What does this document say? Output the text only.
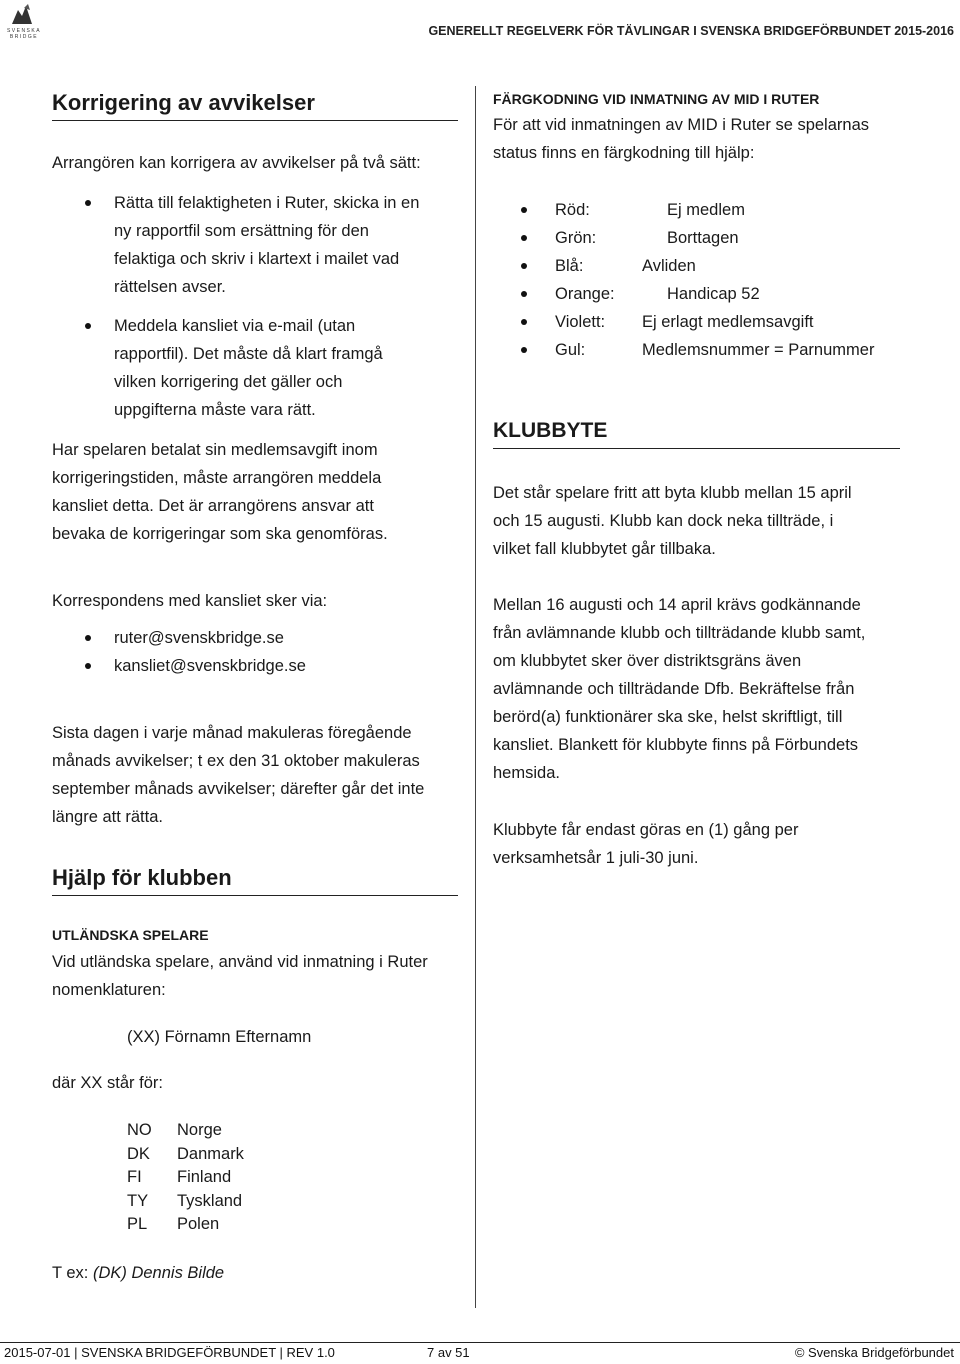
SVENSKA BRIDGE	GENERELLT REGELVERK FÖR TÄVLINGAR I SVENSKA BRIDGEFÖRBUNDET 2015-2016
Korrigering av avvikelser
Arrangören kan korrigera av avvikelser på två sätt:
Rätta till felaktigheten i Ruter, skicka in en
ny rapportfil som ersättning för den
felaktiga och skriv i klartext i mailet vad
rättelsen avser.
Meddela kansliet via e-mail (utan
rapportfil). Det måste då klart framgå
vilken korrigering det gäller och
uppgifterna måste vara rätt.
Har spelaren betalat sin medlemsavgift inom
korrigeringstiden, måste arrangören meddela
kansliet detta. Det är arrangörens ansvar att
bevaka de korrigeringar som ska genomföras.
Korrespondens med kansliet sker via:
ruter@svenskbridge.se
kansliet@svenskbridge.se
Sista dagen i varje månad makuleras föregående
månads avvikelser; t ex den 31 oktober makuleras
september månads avvikelser; därefter går det inte
längre att rätta.
Hjälp för klubben
UTLÄNDSKA SPELARE
Vid utländska spelare, använd vid inmatning i Ruter
nomenklaturen:
(XX) Förnamn Efternamn
där XX står för:
NO Norge
DK Danmark
FI Finland
TY Tyskland
PL Polen
T ex: (DK) Dennis Bilde
FÄRGKODNING VID INMATNING AV MID I RUTER
För att vid inmatningen av MID i Ruter se spelarnas
status finns en färgkodning till hjälp:
Röd:	Ej medlem
Grön:	Borttagen
Blå:	Avliden
Orange:	Handicap 52
Violett: Ej erlagt medlemsavgift
Gul:	Medlemsnummer = Parnummer
KLUBBYTE
Det står spelare fritt att byta klubb mellan 15 april
och 15 augusti. Klubb kan dock neka tillträde, i
vilket fall klubbytet går tillbaka.
Mellan 16 augusti och 14 april krävs godkännande
från avlämnande klubb och tillträdande klubb samt,
om klubbytet sker över distriktsgräns även
avlämnande och tillträdande Dfb. Bekräftelse från
berörd(a) funktionärer ska ske, helst skriftligt, till
kansliet. Blankett för klubbyte finns på Förbundets
hemsida.
Klubbyte får endast göras en (1) gång per
verksamhetsår 1 juli-30 juni.
2015-07-01 | SVENSKA BRIDGEFÖRBUNDET | REV 1.0	7 av 51	© Svenska Bridgeförbundet
